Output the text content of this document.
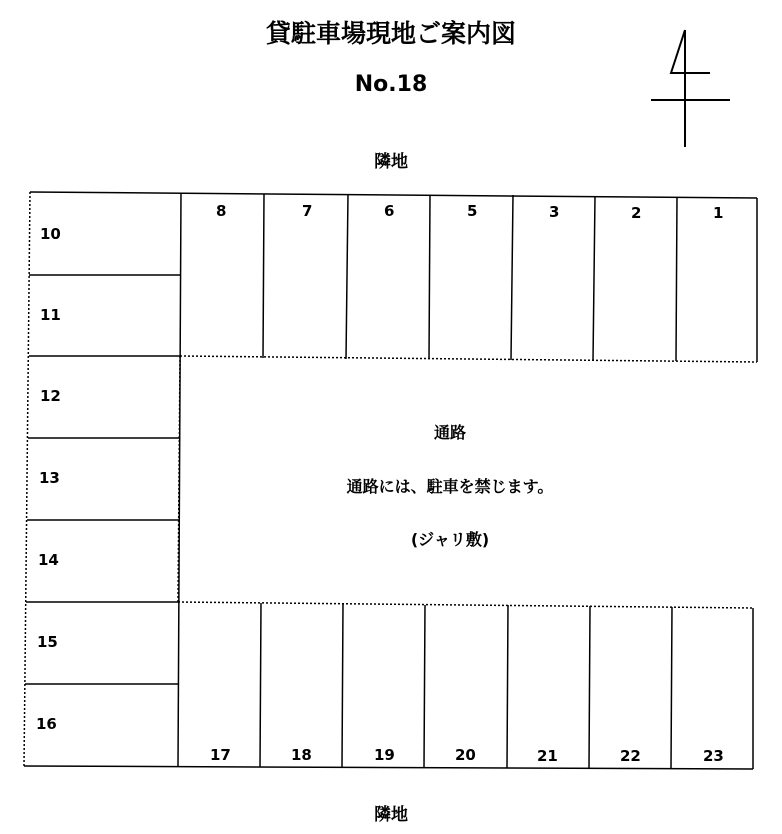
貸駐車場現地ご案内図
No.18
隣地
8	7	6	5	3	2	1
10
11
12
13
14
15
16
17	18	19	20	21	22	23
通路
通路には、駐車を禁じます。
(ジャリ敷)
隣地
